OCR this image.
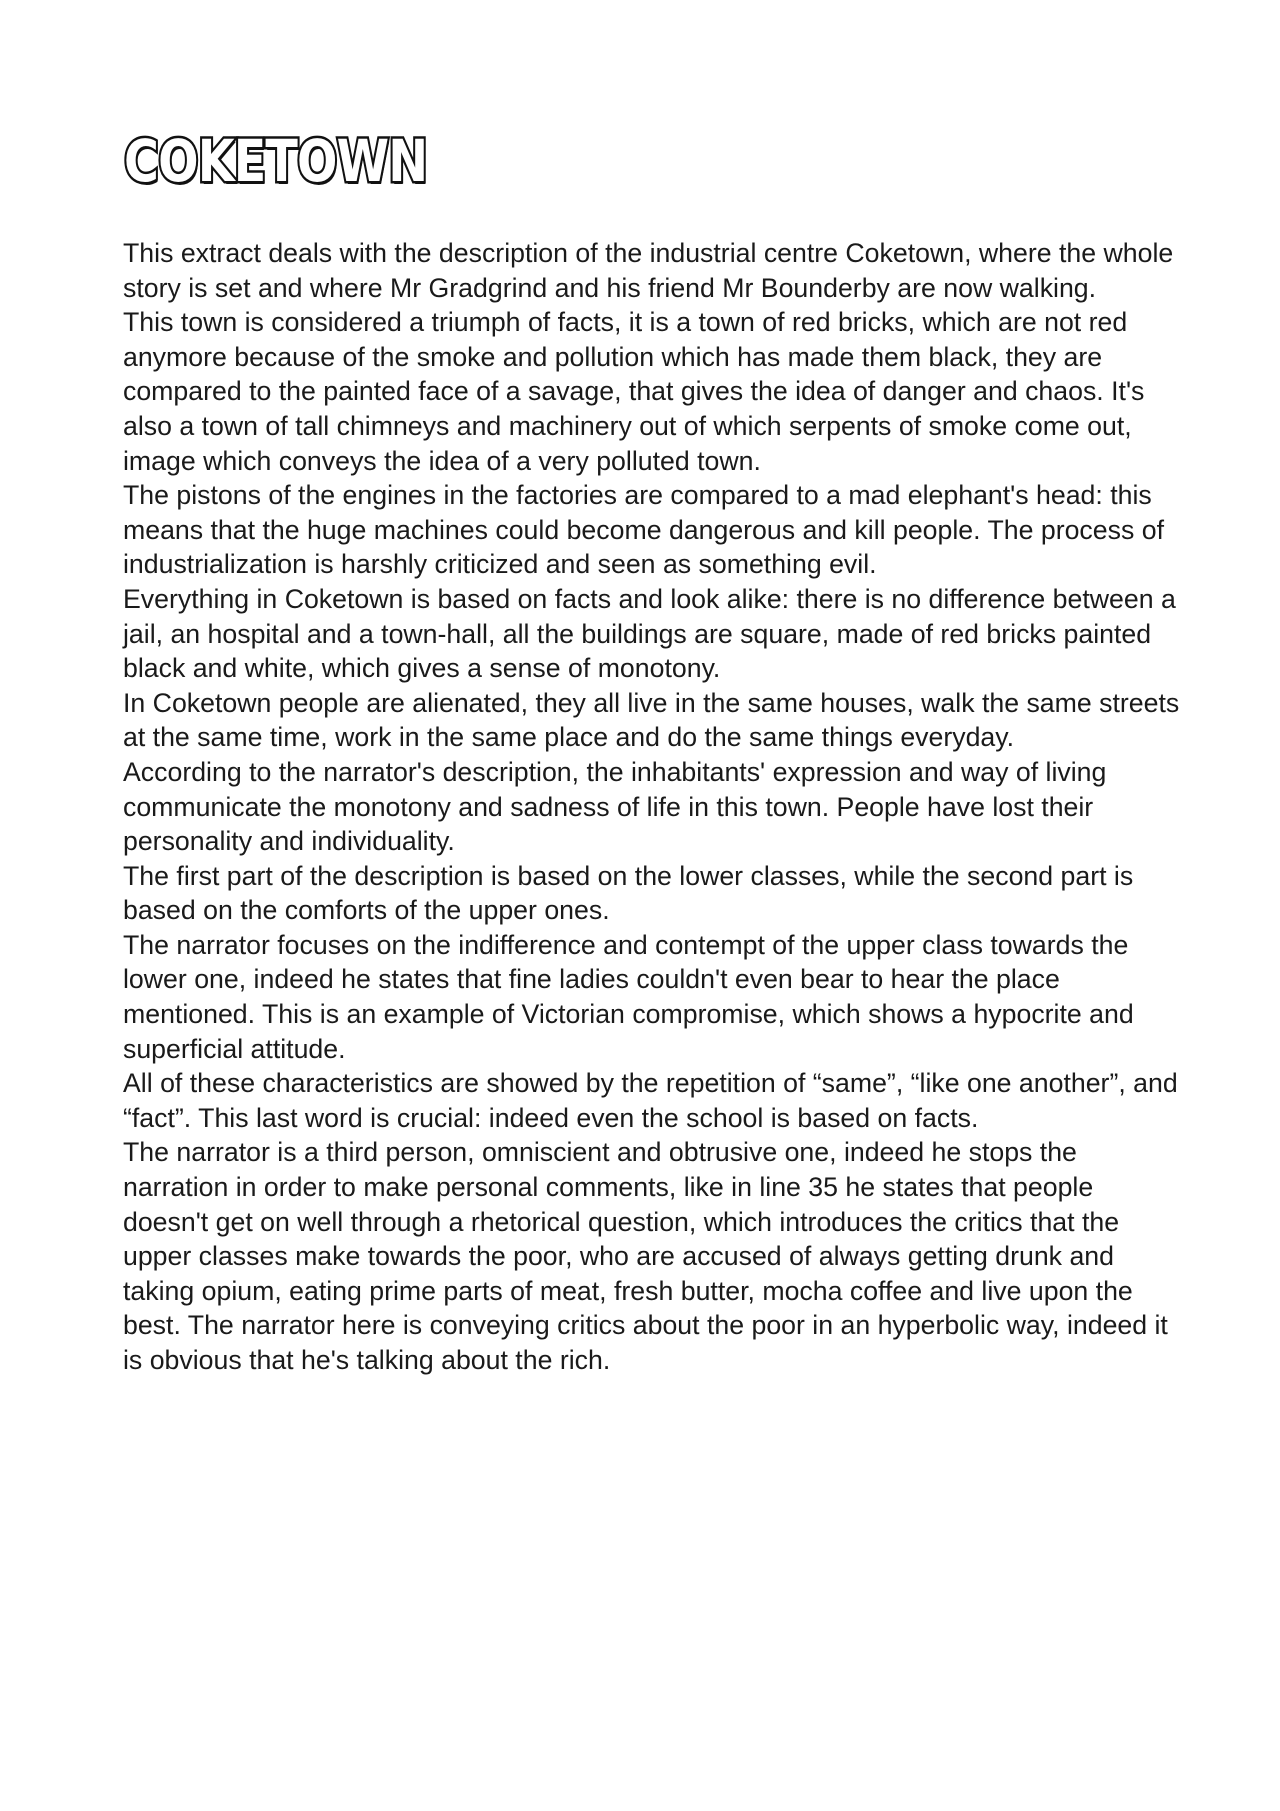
COKETOWN

This extract deals with the description of the industrial centre Coketown, where the whole story is set and where Mr Gradgrind and his friend Mr Bounderby are now walking.

This town is considered a triumph of facts, it is a town of red bricks, which are not red anymore because of the smoke and pollution which has made them black, they are compared to the painted face of a savage, that gives the idea of danger and chaos. It's also a town of tall chimneys and machinery out of which serpents of smoke come out, image which conveys the idea of a very polluted town.

The pistons of the engines in the factories are compared to a mad elephant's head: this means that the huge machines could become dangerous and kill people. The process of industrialization is harshly criticized and seen as something evil.

Everything in Coketown is based on facts and look alike: there is no difference between a jail, an hospital and a town-hall, all the buildings are square, made of red bricks painted black and white, which gives a sense of monotony.

In Coketown people are alienated, they all live in the same houses, walk the same streets at the same time, work in the same place and do the same things everyday.

According to the narrator's description, the inhabitants' expression and way of living communicate the monotony and sadness of life in this town. People have lost their personality and individuality.

The first part of the description is based on the lower classes, while the second part is based on the comforts of the upper ones.

The narrator focuses on the indifference and contempt of the upper class towards the lower one, indeed he states that fine ladies couldn't even bear to hear the place mentioned. This is an example of Victorian compromise, which shows a hypocrite and superficial attitude.

All of these characteristics are showed by the repetition of “same”, “like one another”, and “fact”. This last word is crucial: indeed even the school is based on facts.

The narrator is a third person, omniscient and obtrusive one, indeed he stops the narration in order to make personal comments, like in line 35 he states that people doesn't get on well through a rhetorical question, which introduces the critics that the upper classes make towards the poor, who are accused of always getting drunk and taking opium, eating prime parts of meat, fresh butter, mocha coffee and live upon the best. The narrator here is conveying critics about the poor in an hyperbolic way, indeed it is obvious that he's talking about the rich.
